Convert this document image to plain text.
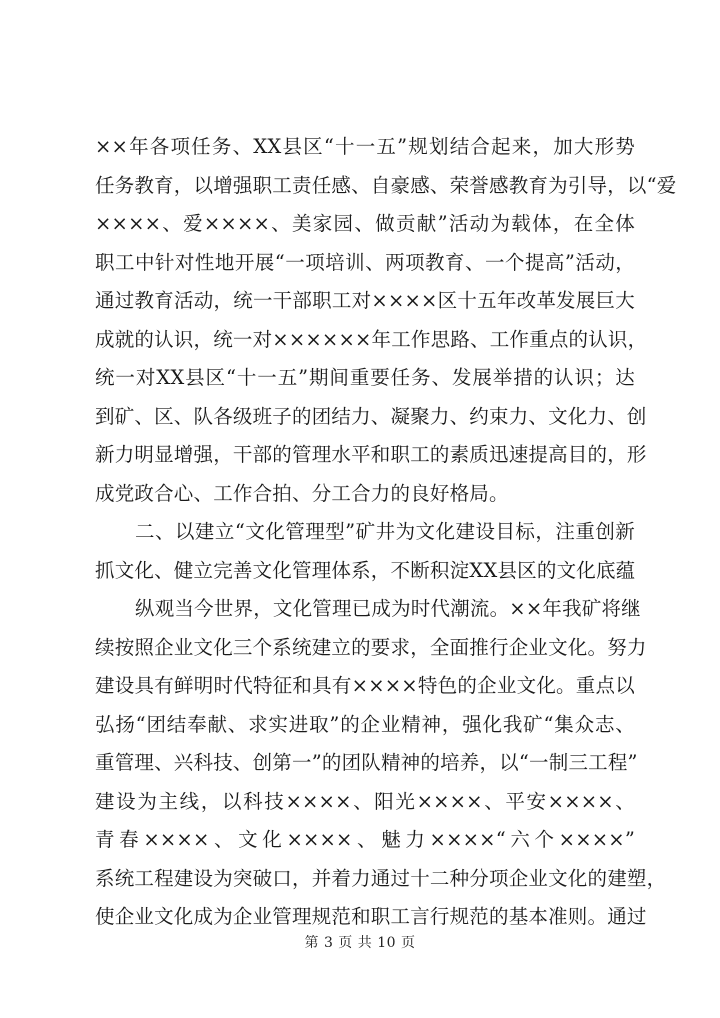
××年各项任务、XX县区“十一五”规划结合起来，加大形势
任务教育，以增强职工责任感、自豪感、荣誉感教育为引导，以“爱
××××、爱××××、美家园、做贡献”活动为载体，在全体
职工中针对性地开展“一项培训、两项教育、一个提高”活动，
通过教育活动，统一干部职工对××××区十五年改革发展巨大
成就的认识，统一对××××××年工作思路、工作重点的认识，
统一对XX县区“十一五”期间重要任务、发展举措的认识；达
到矿、区、队各级班子的团结力、凝聚力、约束力、文化力、创
新力明显增强，干部的管理水平和职工的素质迅速提高目的，形
成党政合心、工作合拍、分工合力的良好格局。
二、以建立“文化管理型”矿井为文化建设目标，注重创新
抓文化、健立完善文化管理体系，不断积淀XX县区的文化底蕴
纵观当今世界，文化管理已成为时代潮流。××年我矿将继
续按照企业文化三个系统建立的要求，全面推行企业文化。努力
建设具有鲜明时代特征和具有××××特色的企业文化。重点以
弘扬“团结奉献、求实进取”的企业精神，强化我矿“集众志、
重管理、兴科技、创第一”的团队精神的培养，以“一制三工程”
建设为主线，以科技××××、阳光××××、平安××××、
青春××××、文化××××、魅力××××“六个××××”
系统工程建设为突破口，并着力通过十二种分项企业文化的建塑，
使企业文化成为企业管理规范和职工言行规范的基本准则。通过
第 3 页 共 10 页
